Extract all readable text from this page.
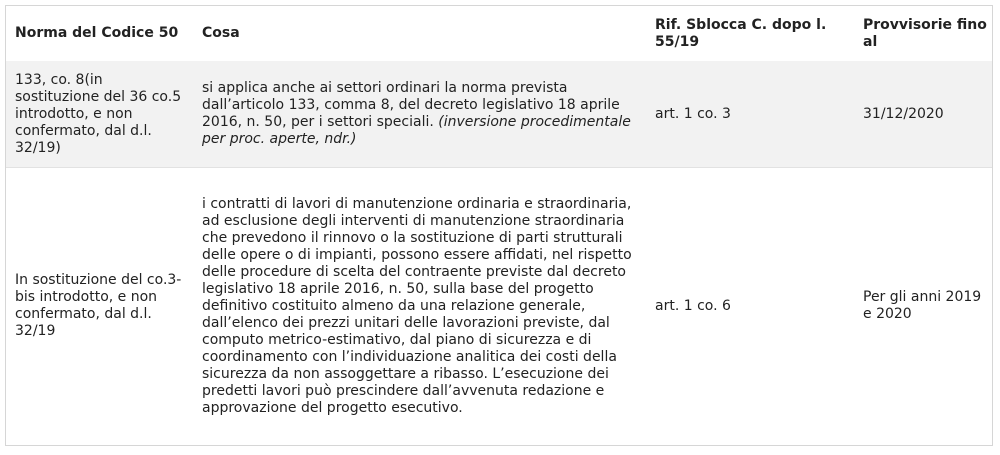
Norma del Codice 50	Cosa	Rif. Sblocca C. dopo l. 55/19	Provvisorie fino al
133, co. 8(in sostituzione del 36 co.5 introdotto, e non confermato, dal d.l. 32/19)	si applica anche ai settori ordinari la norma prevista dall’articolo 133, comma 8, del decreto legislativo 18 aprile 2016, n. 50, per i settori speciali. (inversione procedimentale per proc. aperte, ndr.)	art. 1 co. 3	31/12/2020
In sostituzione del co.3-bis introdotto, e non confermato, dal d.l. 32/19	i contratti di lavori di manutenzione ordinaria e straordinaria, ad esclusione degli interventi di manutenzione straordinaria che prevedono il rinnovo o la sostituzione di parti strutturali delle opere o di impianti, possono essere affidati, nel rispetto delle procedure di scelta del contraente previste dal decreto legislativo 18 aprile 2016, n. 50, sulla base del progetto definitivo costituito almeno da una relazione generale, dall’elenco dei prezzi unitari delle lavorazioni previste, dal computo metrico-estimativo, dal piano di sicurezza e di coordinamento con l’individuazione analitica dei costi della sicurezza da non assoggettare a ribasso. L’esecuzione dei predetti lavori può prescindere dall’avvenuta redazione e approvazione del progetto esecutivo.	art. 1 co. 6	Per gli anni 2019 e 2020
